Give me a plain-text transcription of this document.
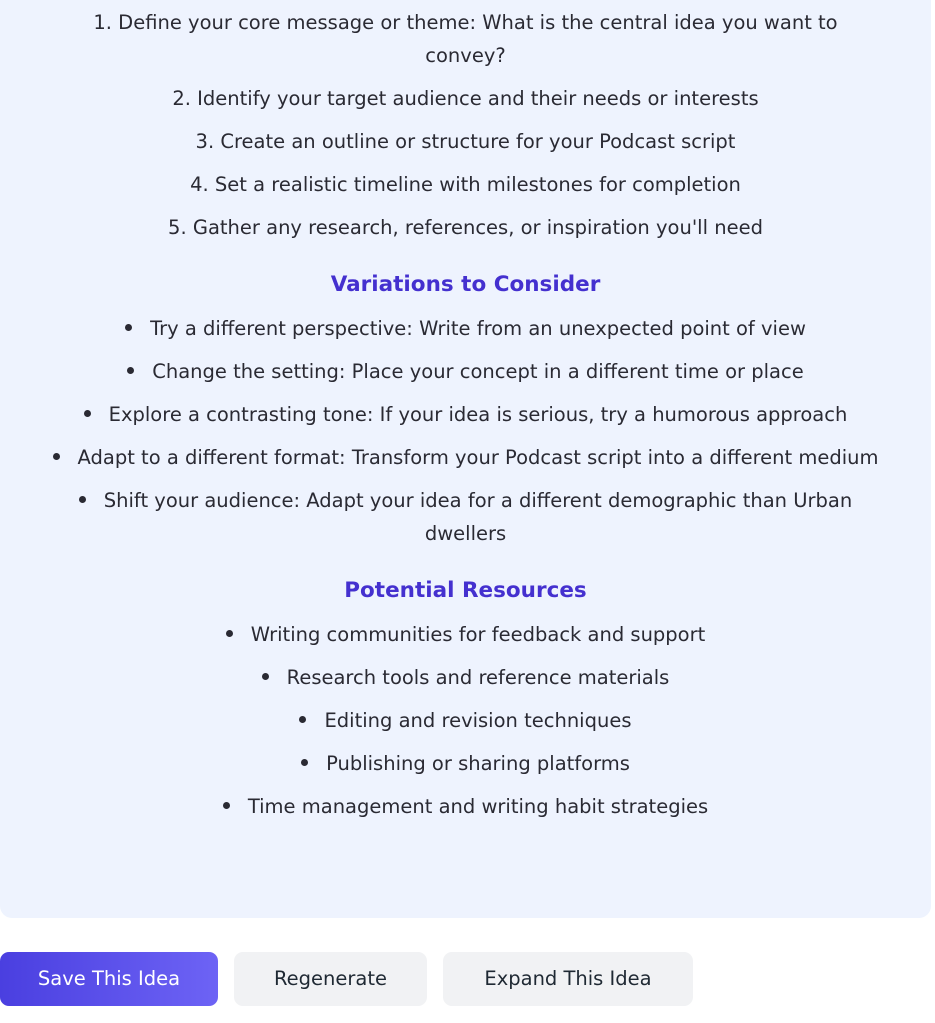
1. Define your core message or theme: What is the central idea you want to convey?
2. Identify your target audience and their needs or interests
3. Create an outline or structure for your Podcast script
4. Set a realistic timeline with milestones for completion
5. Gather any research, references, or inspiration you'll need
Variations to Consider
Try a different perspective: Write from an unexpected point of view
Change the setting: Place your concept in a different time or place
Explore a contrasting tone: If your idea is serious, try a humorous approach
Adapt to a different format: Transform your Podcast script into a different medium
Shift your audience: Adapt your idea for a different demographic than Urban dwellers
Potential Resources
Writing communities for feedback and support
Research tools and reference materials
Editing and revision techniques
Publishing or sharing platforms
Time management and writing habit strategies
Save This Idea	Regenerate	Expand This Idea
